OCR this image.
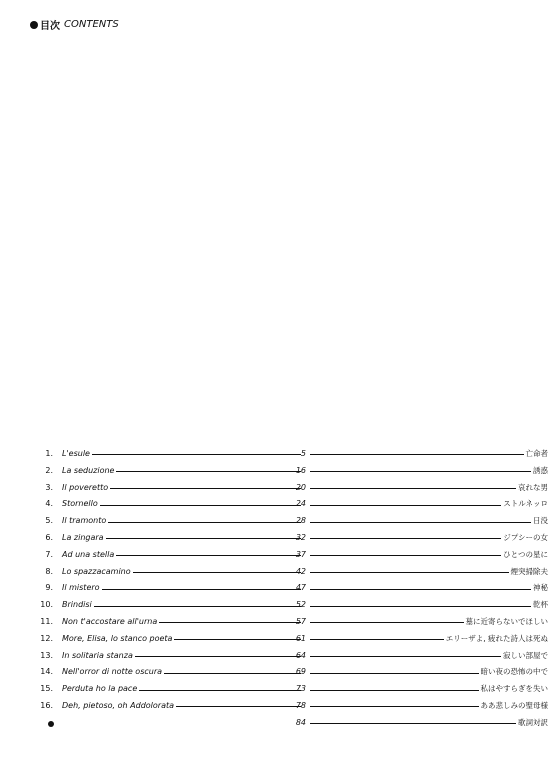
目次 CONTENTS
1. L'esule	5	亡命者
2. La seduzione	16	誘惑
3. Il poveretto	20	哀れな男
4. Stornello	24	ストルネッロ
5. Il tramonto	28	日没
6. La zingara	32	ジプシーの女
7. Ad una stella	37	ひとつの星に
8. Lo spazzacamino	42	煙突掃除夫
9. Il mistero	47	神秘
10. Brindisi	52	乾杯
11. Non t'accostare all'urna	57	墓に近寄らないでほしい
12. More, Elisa, lo stanco poeta	61	エリーザよ, 疲れた詩人は死ぬ
13. In solitaria stanza	64	寂しい部屋で
14. Nell'orror di notte oscura	69	暗い夜の恐怖の中で
15. Perduta ho la pace	73	私はやすらぎを失い
16. Deh, pietoso, oh Addolorata	78	ああ悲しみの聖母様
84	歌詞対訳
